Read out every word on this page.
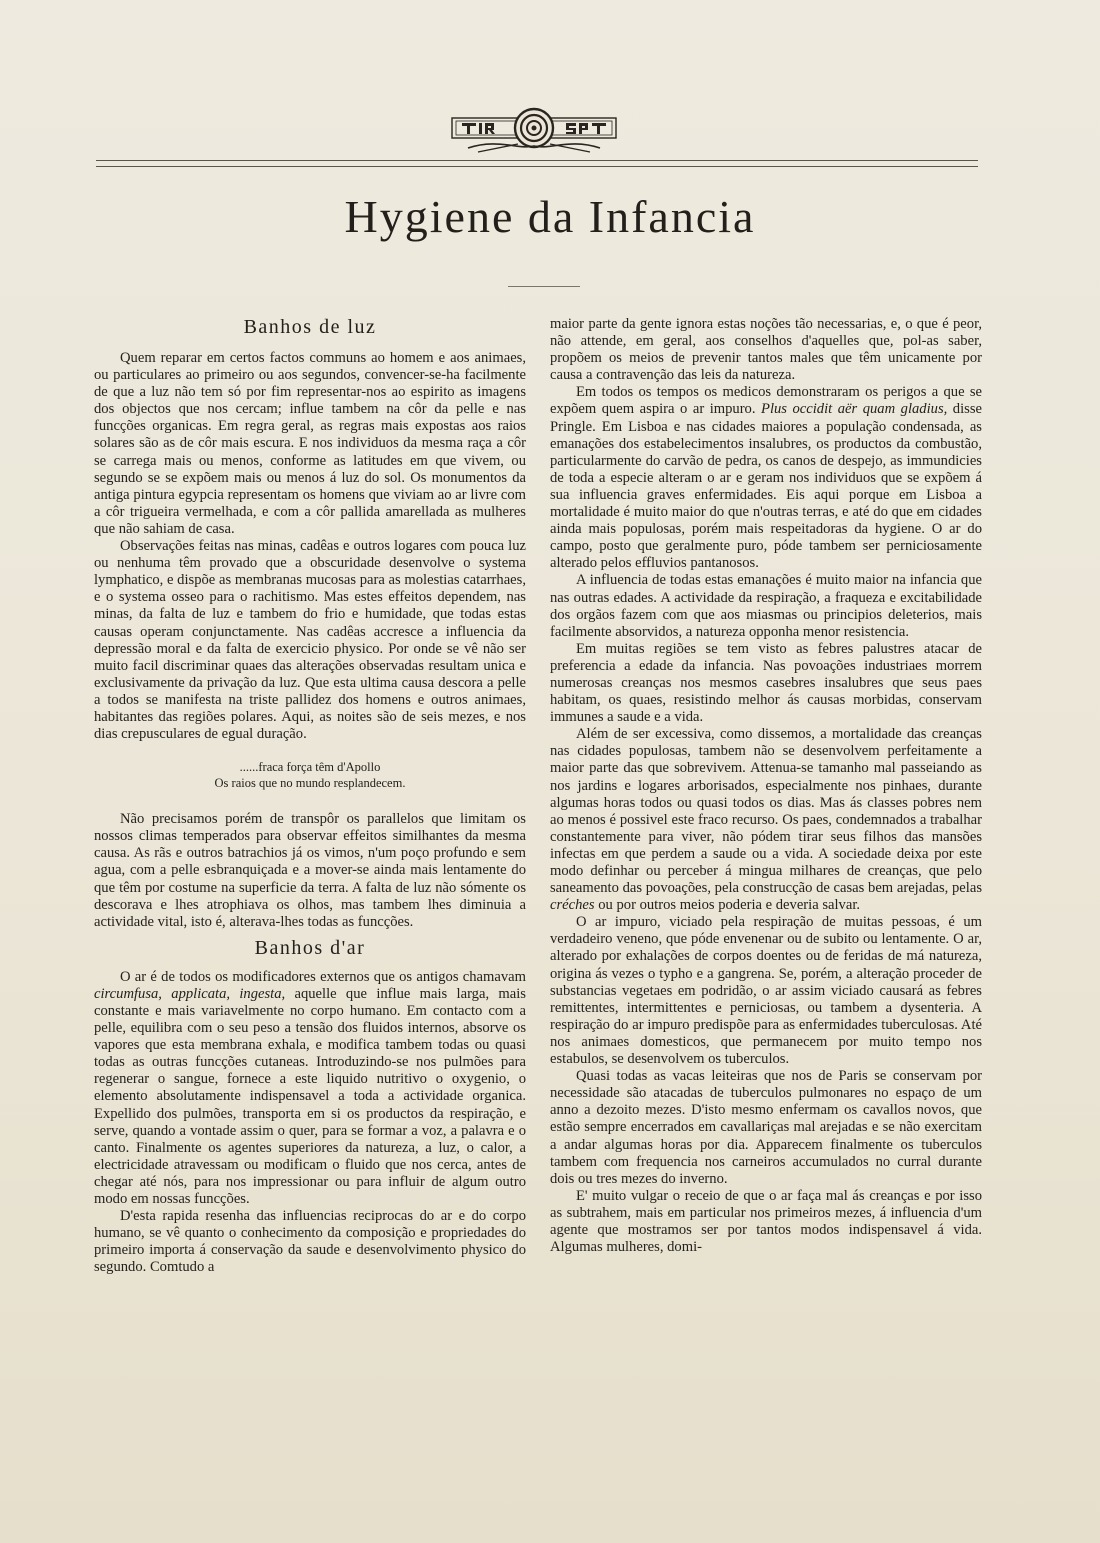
Hygiene da Infancia
Banhos de luz

Quem reparar em certos factos communs ao homem e aos animaes, ou particulares ao primeiro ou aos segundos, convencer-se-ha facilmente de que a luz não tem só por fim representar-nos ao espirito as imagens dos objectos que nos cercam; influe tambem na côr da pelle e nas funcções organicas. Em regra geral, as regras mais expostas aos raios solares são as de côr mais escura. E nos individuos da mesma raça a côr se carrega mais ou menos, conforme as latitudes em que vivem, ou segundo se se expõem mais ou menos á luz do sol. Os monumentos da antiga pintura egypcia representam os homens que viviam ao ar livre com a côr trigueira vermelhada, e com a côr pallida amarellada as mulheres que não sahiam de casa.

Observações feitas nas minas, cadêas e outros logares com pouca luz ou nenhuma têm provado que a obscuridade desenvolve o systema lymphatico, e dispõe as membranas mucosas para as molestias catarrhaes, e o systema osseo para o rachitismo. Mas estes effeitos dependem, nas minas, da falta de luz e tambem do frio e humidade, que todas estas causas operam conjunctamente. Nas cadêas accresce a influencia da depressão moral e da falta de exercicio physico. Por onde se vê não ser muito facil discriminar quaes das alterações observadas resultam unica e exclusivamente da privação da luz. Que esta ultima causa descora a pelle a todos se manifesta na triste pallidez dos homens e outros animaes, habitantes das regiões polares. Aqui, as noites são de seis mezes, e nos dias crepusculares de egual duração.

......fraca força têm d'Apollo
Os raios que no mundo resplandecem.

Não precisamos porém de transpôr os parallelos que limitam os nossos climas temperados para observar effeitos similhantes da mesma causa. As rãs e outros batrachios já os vimos, n'um poço profundo e sem agua, com a pelle esbranquiçada e a mover-se ainda mais lentamente do que têm por costume na superficie da terra. A falta de luz não sómente os descorava e lhes atrophiava os olhos, mas tambem lhes diminuia a actividade vital, isto é, alterava-lhes todas as funcções.

Banhos d'ar

O ar é de todos os modificadores externos que os antigos chamavam circumfusa, applicata, ingesta, aquelle que influe mais larga, mais constante e mais variavelmente no corpo humano. Em contacto com a pelle, equilibra com o seu peso a tensão dos fluidos internos, absorve os vapores que esta membrana exhala, e modifica tambem todas ou quasi todas as outras funcções cutaneas. Introduzindo-se nos pulmões para regenerar o sangue, fornece a este liquido nutritivo o oxygenio, o elemento absolutamente indispensavel a toda a actividade organica. Expellido dos pulmões, transporta em si os productos da respiração, e serve, quando a vontade assim o quer, para se formar a voz, a palavra e o canto. Finalmente os agentes superiores da natureza, a luz, o calor, a electricidade atravessam ou modificam o fluido que nos cerca, antes de chegar até nós, para nos impressionar ou para influir de algum outro modo em nossas funcções.

D'esta rapida resenha das influencias reciprocas do ar e do corpo humano, se vê quanto o conhecimento da composição e propriedades do primeiro importa á conservação da saude e desenvolvimento physico do segundo. Comtudo a

maior parte da gente ignora estas noções tão necessarias, e, o que é peor, não attende, em geral, aos conselhos d'aquelles que, pol-as saber, propõem os meios de prevenir tantos males que têm unicamente por causa a contravenção das leis da natureza.

Em todos os tempos os medicos demonstraram os perigos a que se expõem quem aspira o ar impuro. Plus occidit aër quam gladius, disse Pringle. Em Lisboa e nas cidades maiores a população condensada, as emanações dos estabelecimentos insalubres, os productos da combustão, particularmente do carvão de pedra, os canos de despejo, as immundicies de toda a especie alteram o ar e geram nos individuos que se expõem á sua influencia graves enfermidades. Eis aqui porque em Lisboa a mortalidade é muito maior do que n'outras terras, e até do que em cidades ainda mais populosas, porém mais respeitadoras da hygiene. O ar do campo, posto que geralmente puro, póde tambem ser perniciosamente alterado pelos effluvios pantanosos.

A influencia de todas estas emanações é muito maior na infancia que nas outras edades. A actividade da respiração, a fraqueza e excitabilidade dos orgãos fazem com que aos miasmas ou principios deleterios, mais facilmente absorvidos, a natureza opponha menor resistencia.

Em muitas regiões se tem visto as febres palustres atacar de preferencia a edade da infancia. Nas povoações industriaes morrem numerosas creanças nos mesmos casebres insalubres que seus paes habitam, os quaes, resistindo melhor ás causas morbidas, conservam immunes a saude e a vida.

Além de ser excessiva, como dissemos, a mortalidade das creanças nas cidades populosas, tambem não se desenvolvem perfeitamente a maior parte das que sobrevivem. Attenua-se tamanho mal passeiando as nos jardins e logares arborisados, especialmente nos pinhaes, durante algumas horas todos ou quasi todos os dias. Mas ás classes pobres nem ao menos é possivel este fraco recurso. Os paes, condemnados a trabalhar constantemente para viver, não pódem tirar seus filhos das mansões infectas em que perdem a saude ou a vida. A sociedade deixa por este modo definhar ou perceber á mingua milhares de creanças, que pelo saneamento das povoações, pela construcção de casas bem arejadas, pelas créches ou por outros meios poderia e deveria salvar.

O ar impuro, viciado pela respiração de muitas pessoas, é um verdadeiro veneno, que póde envenenar ou de subito ou lentamente. O ar, alterado por exhalações de corpos doentes ou de feridas de má natureza, origina ás vezes o typho e a gangrena. Se, porém, a alteração proceder de substancias vegetaes em podridão, o ar assim viciado causará as febres remittentes, intermittentes e perniciosas, ou tambem a dysenteria. A respiração do ar impuro predispõe para as enfermidades tuberculosas. Até nos animaes domesticos, que permanecem por muito tempo nos estabulos, se desenvolvem os tuberculos.

Quasi todas as vacas leiteiras que nos de Paris se conservam por necessidade são atacadas de tuberculos pulmonares no espaço de um anno a dezoito mezes. D'isto mesmo enfermam os cavallos novos, que estão sempre encerrados em cavallariças mal arejadas e se não exercitam a andar algumas horas por dia. Apparecem finalmente os tuberculos tambem com frequencia nos carneiros accumulados no curral durante dois ou tres mezes do inverno.

E' muito vulgar o receio de que o ar faça mal ás creanças e por isso as subtrahem, mais em particular nos primeiros mezes, á influencia d'um agente que mostramos ser por tantos modos indispensavel á vida. Algumas mulheres, domi-
